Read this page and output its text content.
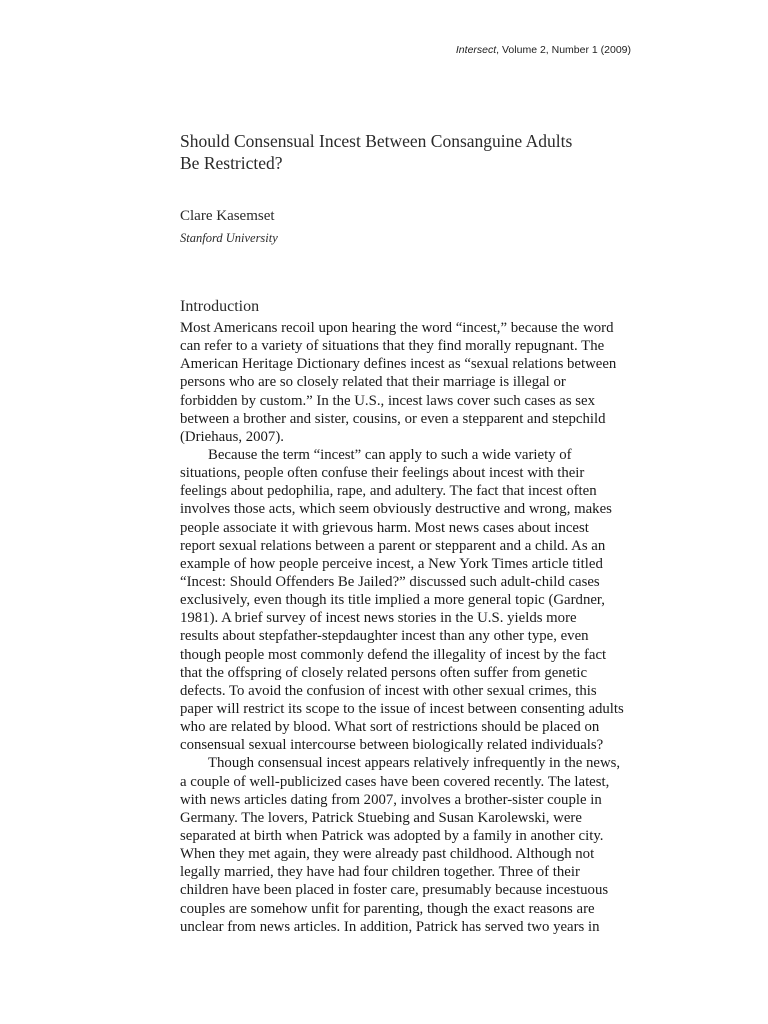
Intersect, Volume 2, Number 1 (2009)
Should Consensual Incest Between Consanguine Adults
Be Restricted?
Clare Kasemset
Stanford University
Introduction
Most Americans recoil upon hearing the word “incest,” because the word
can refer to a variety of situations that they find morally repugnant. The
American Heritage Dictionary defines incest as “sexual relations between
persons who are so closely related that their marriage is illegal or
forbidden by custom.” In the U.S., incest laws cover such cases as sex
between a brother and sister, cousins, or even a stepparent and stepchild
(Driehaus, 2007).
Because the term “incest” can apply to such a wide variety of
situations, people often confuse their feelings about incest with their
feelings about pedophilia, rape, and adultery. The fact that incest often
involves those acts, which seem obviously destructive and wrong, makes
people associate it with grievous harm. Most news cases about incest
report sexual relations between a parent or stepparent and a child. As an
example of how people perceive incest, a New York Times article titled
“Incest: Should Offenders Be Jailed?” discussed such adult-child cases
exclusively, even though its title implied a more general topic (Gardner,
1981). A brief survey of incest news stories in the U.S. yields more
results about stepfather-stepdaughter incest than any other type, even
though people most commonly defend the illegality of incest by the fact
that the offspring of closely related persons often suffer from genetic
defects. To avoid the confusion of incest with other sexual crimes, this
paper will restrict its scope to the issue of incest between consenting adults
who are related by blood. What sort of restrictions should be placed on
consensual sexual intercourse between biologically related individuals?
Though consensual incest appears relatively infrequently in the news,
a couple of well-publicized cases have been covered recently. The latest,
with news articles dating from 2007, involves a brother-sister couple in
Germany. The lovers, Patrick Stuebing and Susan Karolewski, were
separated at birth when Patrick was adopted by a family in another city.
When they met again, they were already past childhood. Although not
legally married, they have had four children together. Three of their
children have been placed in foster care, presumably because incestuous
couples are somehow unfit for parenting, though the exact reasons are
unclear from news articles. In addition, Patrick has served two years in
